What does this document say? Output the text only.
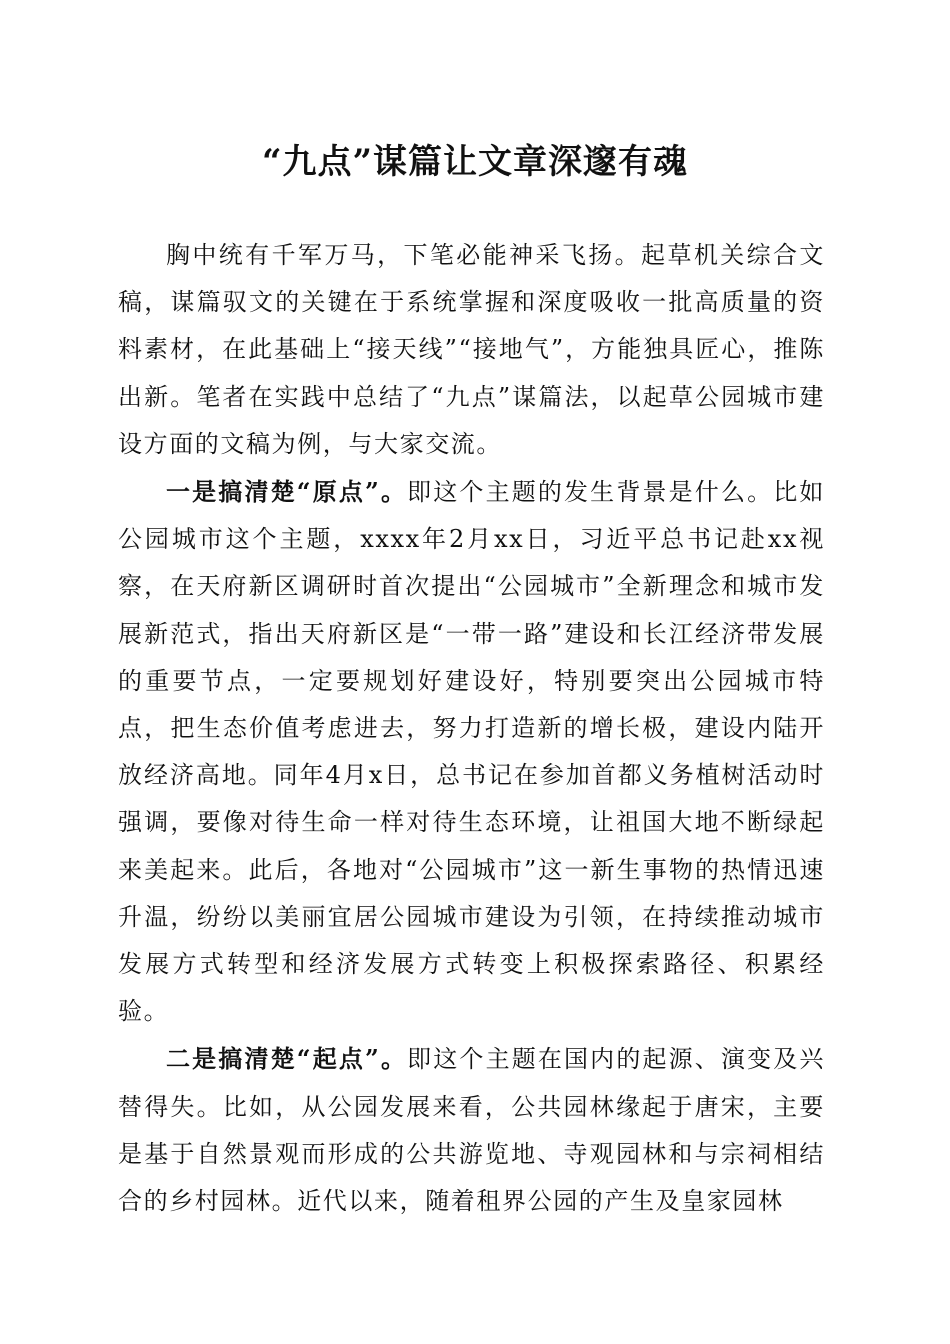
“九点”谋篇让文章深邃有魂

胸中统有千军万马，下笔必能神采飞扬。起草机关综合文稿，谋篇驭文的关键在于系统掌握和深度吸收一批高质量的资料素材，在此基础上“接天线”“接地气”，方能独具匠心，推陈出新。笔者在实践中总结了“九点”谋篇法，以起草公园城市建设方面的文稿为例，与大家交流。

一是搞清楚“原点”。即这个主题的发生背景是什么。比如公园城市这个主题，xxxx年2月xx日，习近平总书记赴xx视察，在天府新区调研时首次提出“公园城市”全新理念和城市发展新范式，指出天府新区是“一带一路”建设和长江经济带发展的重要节点，一定要规划好建设好，特别要突出公园城市特点，把生态价值考虑进去，努力打造新的增长极，建设内陆开放经济高地。同年4月x日，总书记在参加首都义务植树活动时强调，要像对待生命一样对待生态环境，让祖国大地不断绿起来美起来。此后，各地对“公园城市”这一新生事物的热情迅速升温，纷纷以美丽宜居公园城市建设为引领，在持续推动城市发展方式转型和经济发展方式转变上积极探索路径、积累经验。

二是搞清楚“起点”。即这个主题在国内的起源、演变及兴替得失。比如，从公园发展来看，公共园林缘起于唐宋，主要是基于自然景观而形成的公共游览地、寺观园林和与宗祠相结合的乡村园林。近代以来，随着租界公园的产生及皇家园林
